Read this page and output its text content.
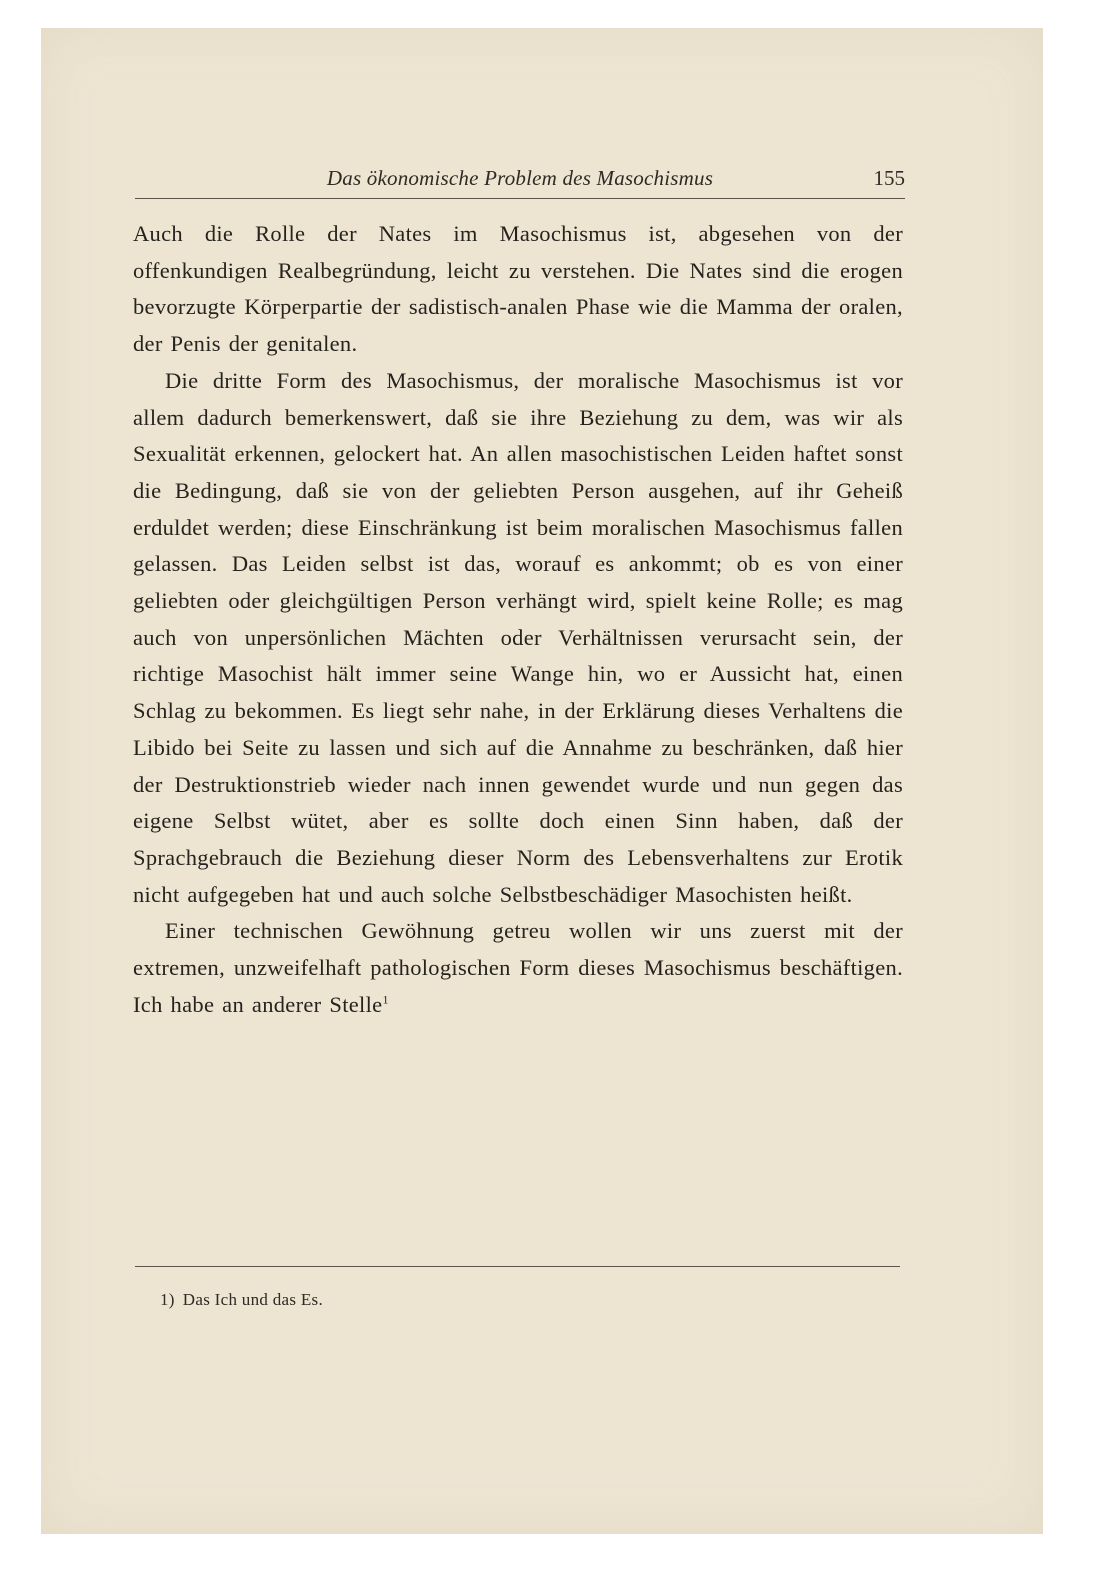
Das ökonomische Problem des Masochismus	155

Auch die Rolle der Nates im Masochismus ist, abgesehen von der offenkundigen Realbegründung, leicht zu verstehen. Die Nates sind die erogen bevorzugte Körperpartie der sadistisch-analen Phase wie die Mamma der oralen, der Penis der genitalen.

Die dritte Form des Masochismus, der moralische Masochismus ist vor allem dadurch bemerkenswert, daß sie ihre Beziehung zu dem, was wir als Sexualität erkennen, gelockert hat. An allen masochistischen Leiden haftet sonst die Bedingung, daß sie von der geliebten Person ausgehen, auf ihr Geheiß erduldet werden; diese Einschränkung ist beim moralischen Masochismus fallen gelassen. Das Leiden selbst ist das, worauf es ankommt; ob es von einer geliebten oder gleichgültigen Person verhängt wird, spielt keine Rolle; es mag auch von unpersönlichen Mächten oder Verhältnissen verursacht sein, der richtige Masochist hält immer seine Wange hin, wo er Aussicht hat, einen Schlag zu bekommen. Es liegt sehr nahe, in der Erklärung dieses Verhaltens die Libido bei Seite zu lassen und sich auf die Annahme zu beschränken, daß hier der Destruktionstrieb wieder nach innen gewendet wurde und nun gegen das eigene Selbst wütet, aber es sollte doch einen Sinn haben, daß der Sprachgebrauch die Beziehung dieser Norm des Lebensverhaltens zur Erotik nicht aufgegeben hat und auch solche Selbstbeschädiger Masochisten heißt.

Einer technischen Gewöhnung getreu wollen wir uns zuerst mit der extremen, unzweifelhaft pathologischen Form dieses Masochismus beschäftigen. Ich habe an anderer Stelle$^1$

1) Das Ich und das Es.
